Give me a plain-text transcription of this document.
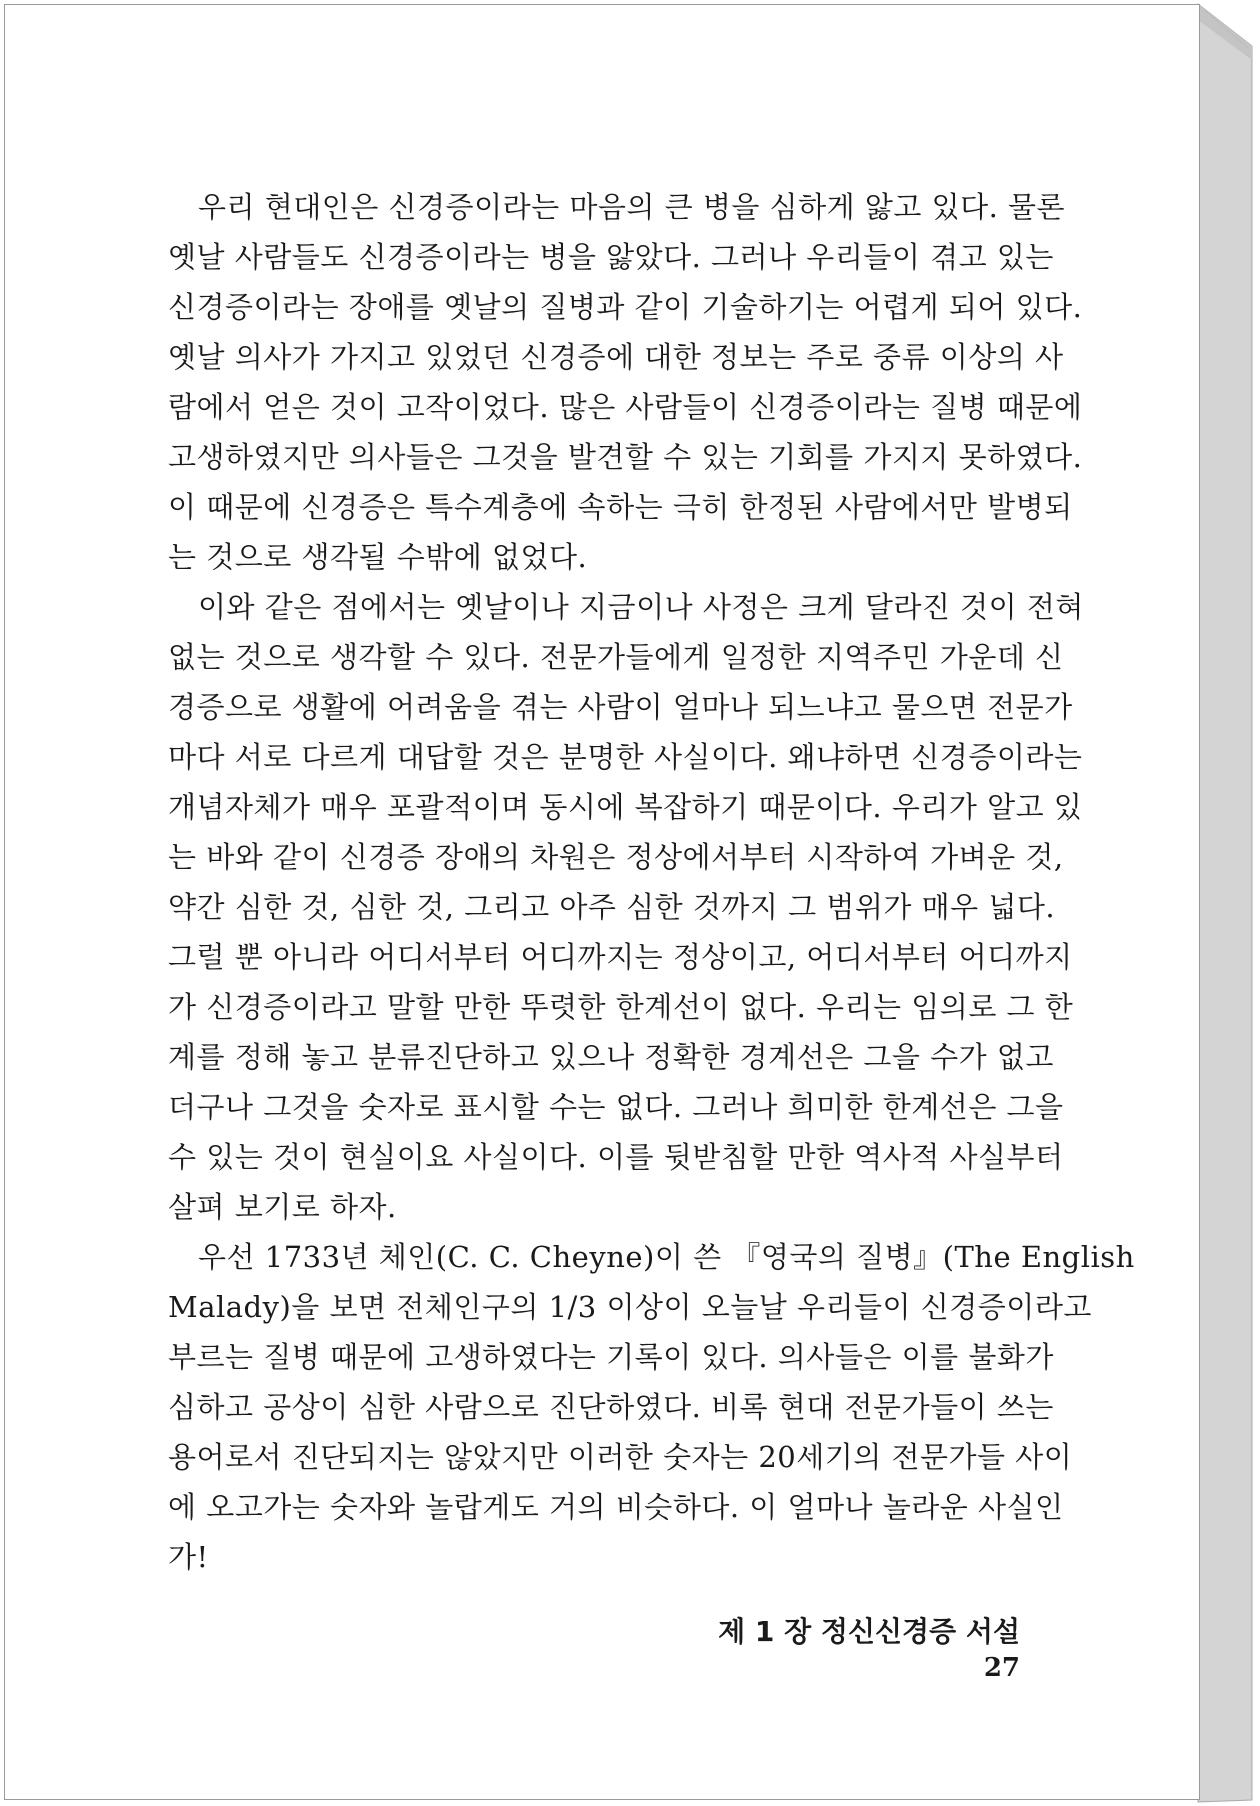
우리 현대인은 신경증이라는 마음의 큰 병을 심하게 앓고 있다. 물론
옛날 사람들도 신경증이라는 병을 앓았다. 그러나 우리들이 겪고 있는
신경증이라는 장애를 옛날의 질병과 같이 기술하기는 어렵게 되어 있다.
옛날 의사가 가지고 있었던 신경증에 대한 정보는 주로 중류 이상의 사
람에서 얻은 것이 고작이었다. 많은 사람들이 신경증이라는 질병 때문에
고생하였지만 의사들은 그것을 발견할 수 있는 기회를 가지지 못하였다.
이 때문에 신경증은 특수계층에 속하는 극히 한정된 사람에서만 발병되
는 것으로 생각될 수밖에 없었다.
이와 같은 점에서는 옛날이나 지금이나 사정은 크게 달라진 것이 전혀
없는 것으로 생각할 수 있다. 전문가들에게 일정한 지역주민 가운데 신
경증으로 생활에 어려움을 겪는 사람이 얼마나 되느냐고 물으면 전문가
마다 서로 다르게 대답할 것은 분명한 사실이다. 왜냐하면 신경증이라는
개념자체가 매우 포괄적이며 동시에 복잡하기 때문이다. 우리가 알고 있
는 바와 같이 신경증 장애의 차원은 정상에서부터 시작하여 가벼운 것,
약간 심한 것, 심한 것, 그리고 아주 심한 것까지 그 범위가 매우 넓다.
그럴 뿐 아니라 어디서부터 어디까지는 정상이고, 어디서부터 어디까지
가 신경증이라고 말할 만한 뚜렷한 한계선이 없다. 우리는 임의로 그 한
계를 정해 놓고 분류진단하고 있으나 정확한 경계선은 그을 수가 없고
더구나 그것을 숫자로 표시할 수는 없다. 그러나 희미한 한계선은 그을
수 있는 것이 현실이요 사실이다. 이를 뒷받침할 만한 역사적 사실부터
살펴 보기로 하자.
우선 1733년 체인(C. C. Cheyne)이 쓴 『영국의 질병』(The English
Malady)을 보면 전체인구의 1/3 이상이 오늘날 우리들이 신경증이라고
부르는 질병 때문에 고생하였다는 기록이 있다. 의사들은 이를 불화가
심하고 공상이 심한 사람으로 진단하였다. 비록 현대 전문가들이 쓰는
용어로서 진단되지는 않았지만 이러한 숫자는 20세기의 전문가들 사이
에 오고가는 숫자와 놀랍게도 거의 비슷하다. 이 얼마나 놀라운 사실인
가!
제 1 장 정신신경증 서설27
